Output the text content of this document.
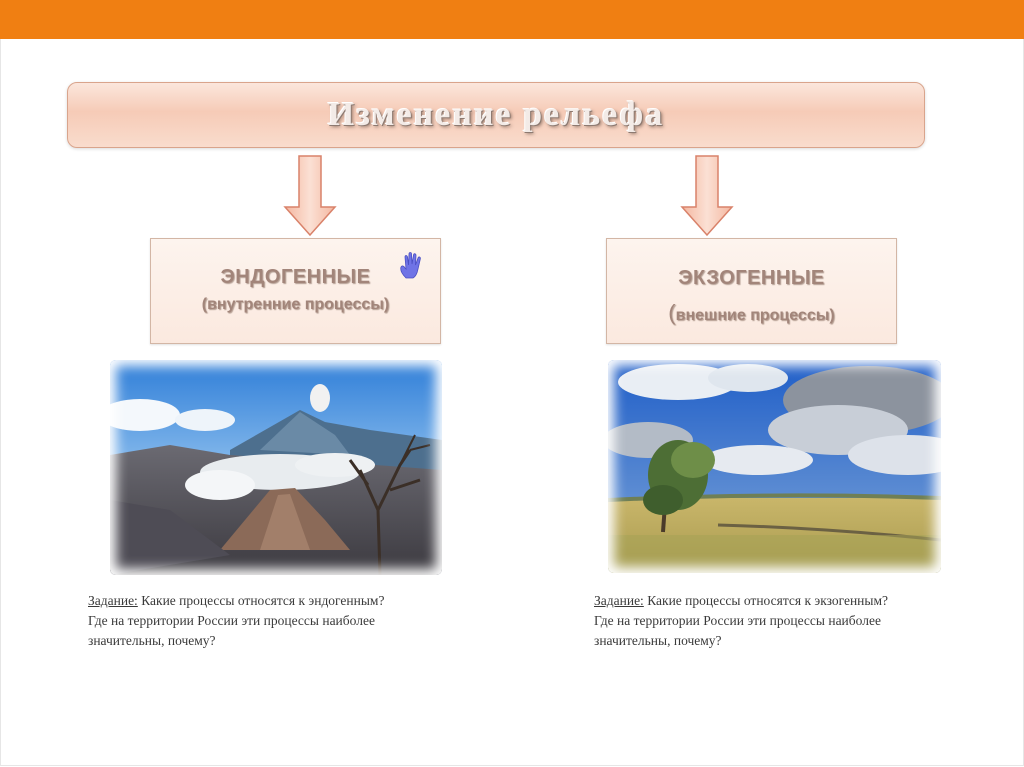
Изменение рельефа
ЭНДОГЕННЫЕ
(внутренние процессы)
ЭКЗОГЕННЫЕ
(внешние процессы)
Задание: Какие процессы относятся к эндогенным?
Где на территории России эти процессы наиболее
значительны, почему?
Задание: Какие процессы относятся к экзогенным?
Где на территории России эти процессы наиболее
значительны, почему?
